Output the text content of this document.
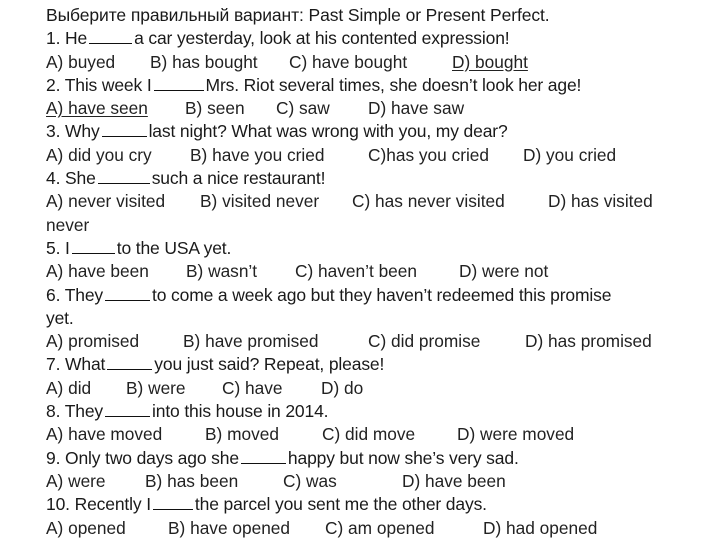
Выберите правильный вариант: Past Simple or Present Perfect.
1. He	a car yesterday, look at his contented expression!
A) buyed B) has bought C) have bought	D) bought
2. This week I	Mrs. Riot several times, she doesn’t look her age!
A) have seen B) seen C) saw D) have saw
3. Why	last night? What was wrong with you, my dear?
A) did you cry B) have you cried	C)has you cried D) you cried
4. She	such a nice restaurant!
A) never visited B) visited never C) has never visited	D) has visited
never
5. I	to the USA yet.
A) have been B) wasn’t C) haven’t been D) were not
6. They	to come a week ago but they haven’t redeemed this promise
yet.
A) promised	B) have promised	C) did promise	D) has promised
7. What	you just said? Repeat, please!
A) did B) were C) have D) do
8. They	into this house in 2014.
A) have moved B) moved C) did move D) were moved
9. Only two days ago she	happy but now she’s very sad.
A) were B) has been	C) was	D) have been
10. Recently I	the parcel you sent me the other days.
A) opened B) have opened C) am opened	D) had opened
